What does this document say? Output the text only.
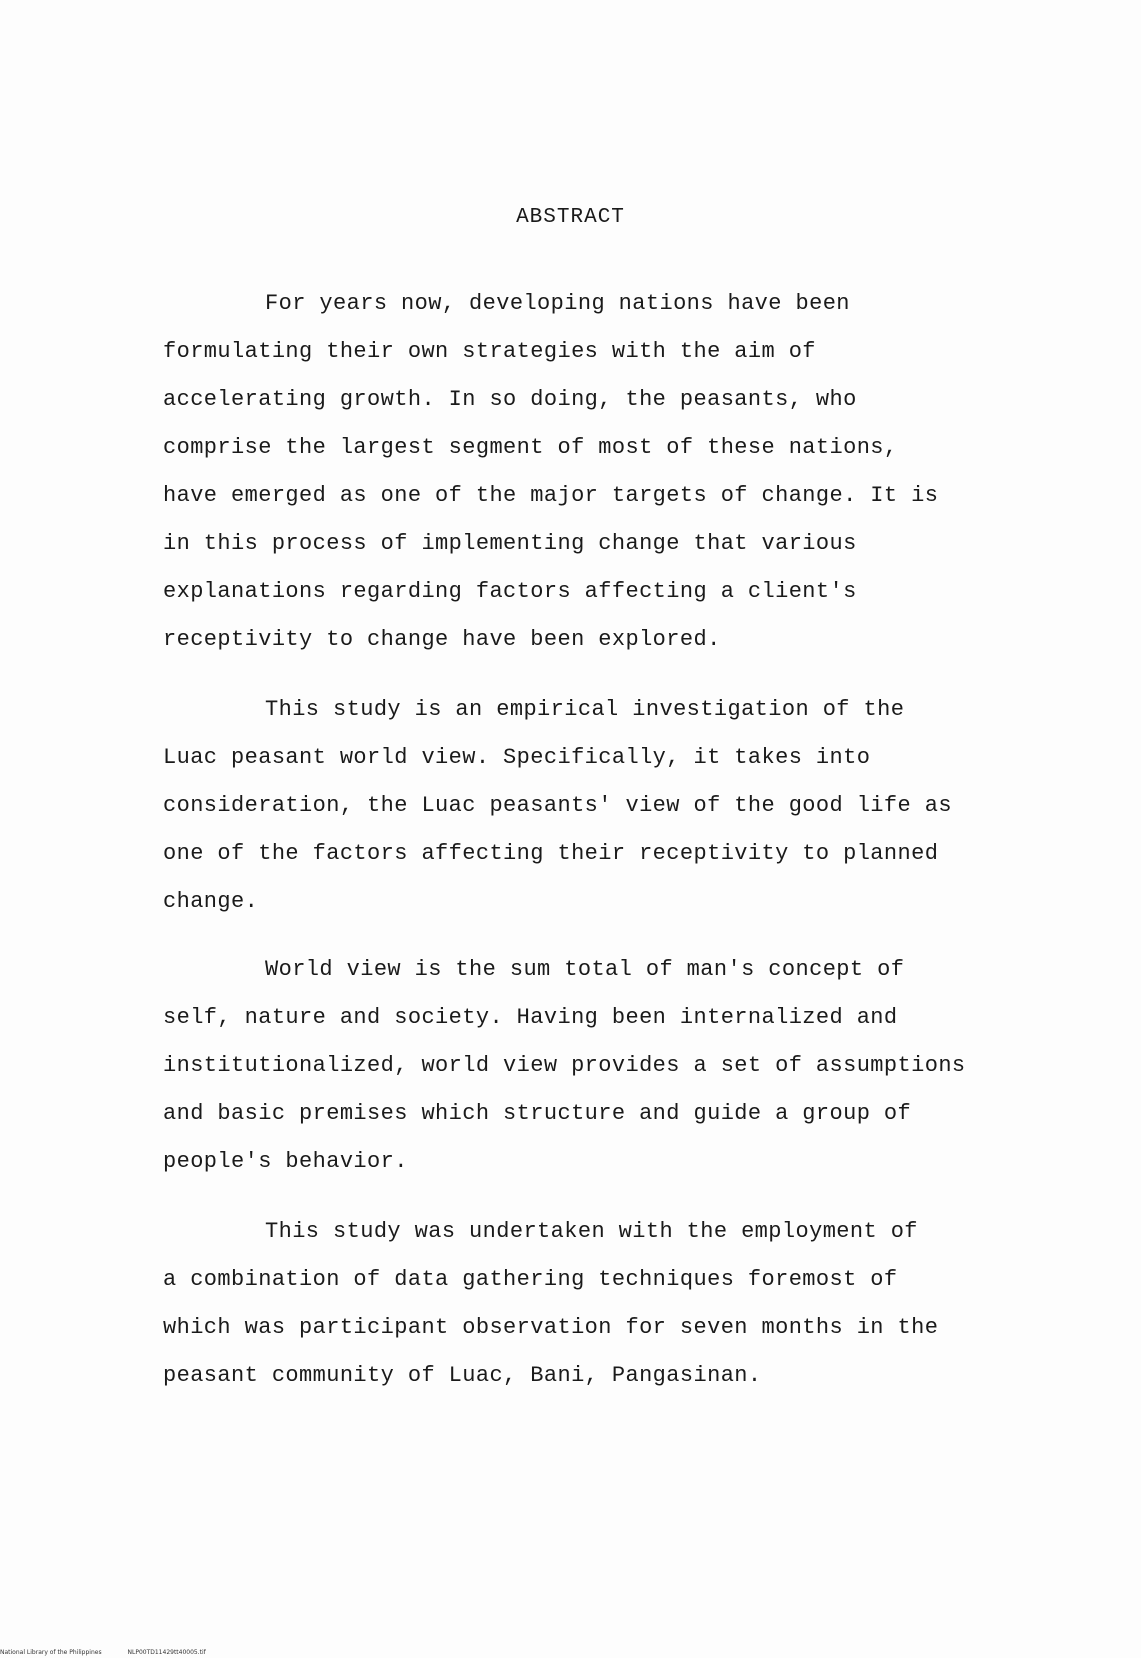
ABSTRACT

For years now, developing nations have been

formulating their own strategies with the aim of

accelerating growth. In so doing, the peasants, who

comprise the largest segment of most of these nations,

have emerged as one of the major targets of change. It is

in this process of implementing change that various

explanations regarding factors affecting a client's

receptivity to change have been explored.

This study is an empirical investigation of the

Luac peasant world view. Specifically, it takes into

consideration, the Luac peasants' view of the good life as

one of the factors affecting their receptivity to planned

change.

World view is the sum total of man's concept of

self, nature and society. Having been internalized and

institutionalized, world view provides a set of assumptions

and basic premises which structure and guide a group of

people's behavior.

This study was undertaken with the employment of

a combination of data gathering techniques foremost of

which was participant observation for seven months in the

peasant community of Luac, Bani, Pangasinan.

National Library of the Philippines	NLP00TD11429tt40005.tif
